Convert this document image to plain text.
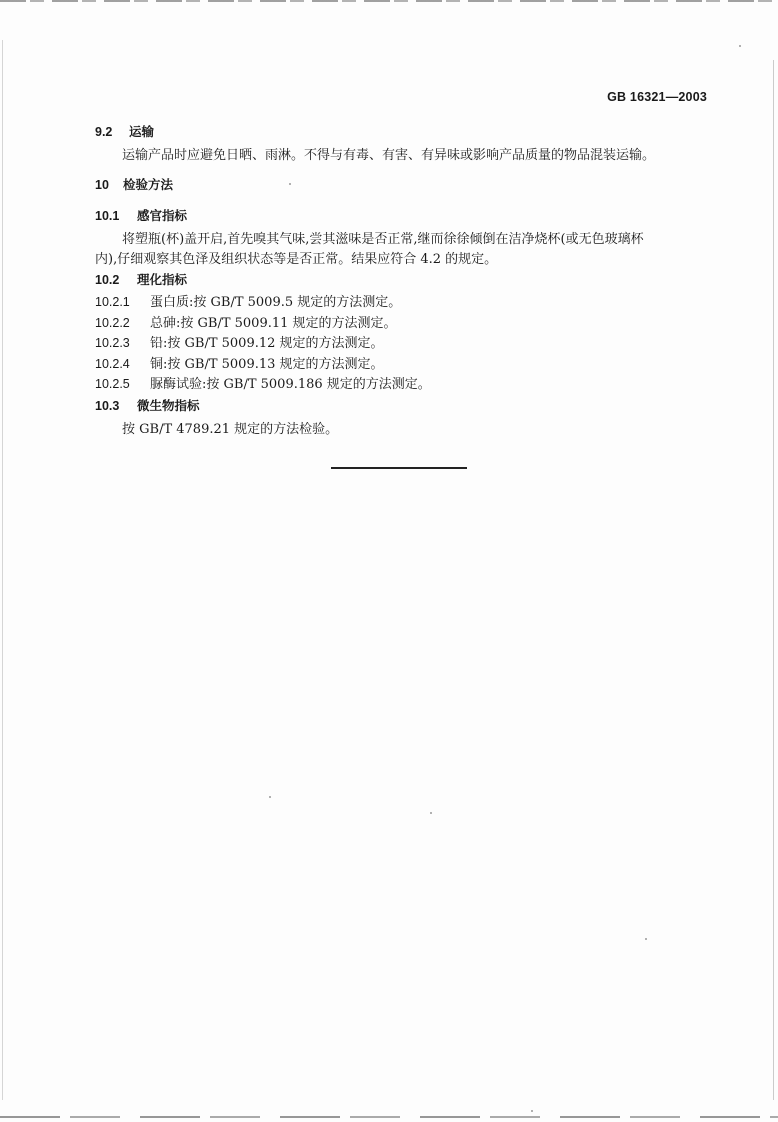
GB 16321—2003
9.2 运输
运输产品时应避免日晒、雨淋。不得与有毒、有害、有异味或影响产品质量的物品混装运输。
10 检验方法
10.1 感官指标
将塑瓶(杯)盖开启,首先嗅其气味,尝其滋味是否正常,继而徐徐倾倒在洁净烧杯(或无色玻璃杯
内),仔细观察其色泽及组织状态等是否正常。结果应符合 4.2 的规定。
10.2 理化指标
10.2.1 蛋白质:按 GB/T 5009.5 规定的方法测定。
10.2.2 总砷:按 GB/T 5009.11 规定的方法测定。
10.2.3 铅:按 GB/T 5009.12 规定的方法测定。
10.2.4 铜:按 GB/T 5009.13 规定的方法测定。
10.2.5 脲酶试验:按 GB/T 5009.186 规定的方法测定。
10.3 微生物指标
按 GB/T 4789.21 规定的方法检验。
